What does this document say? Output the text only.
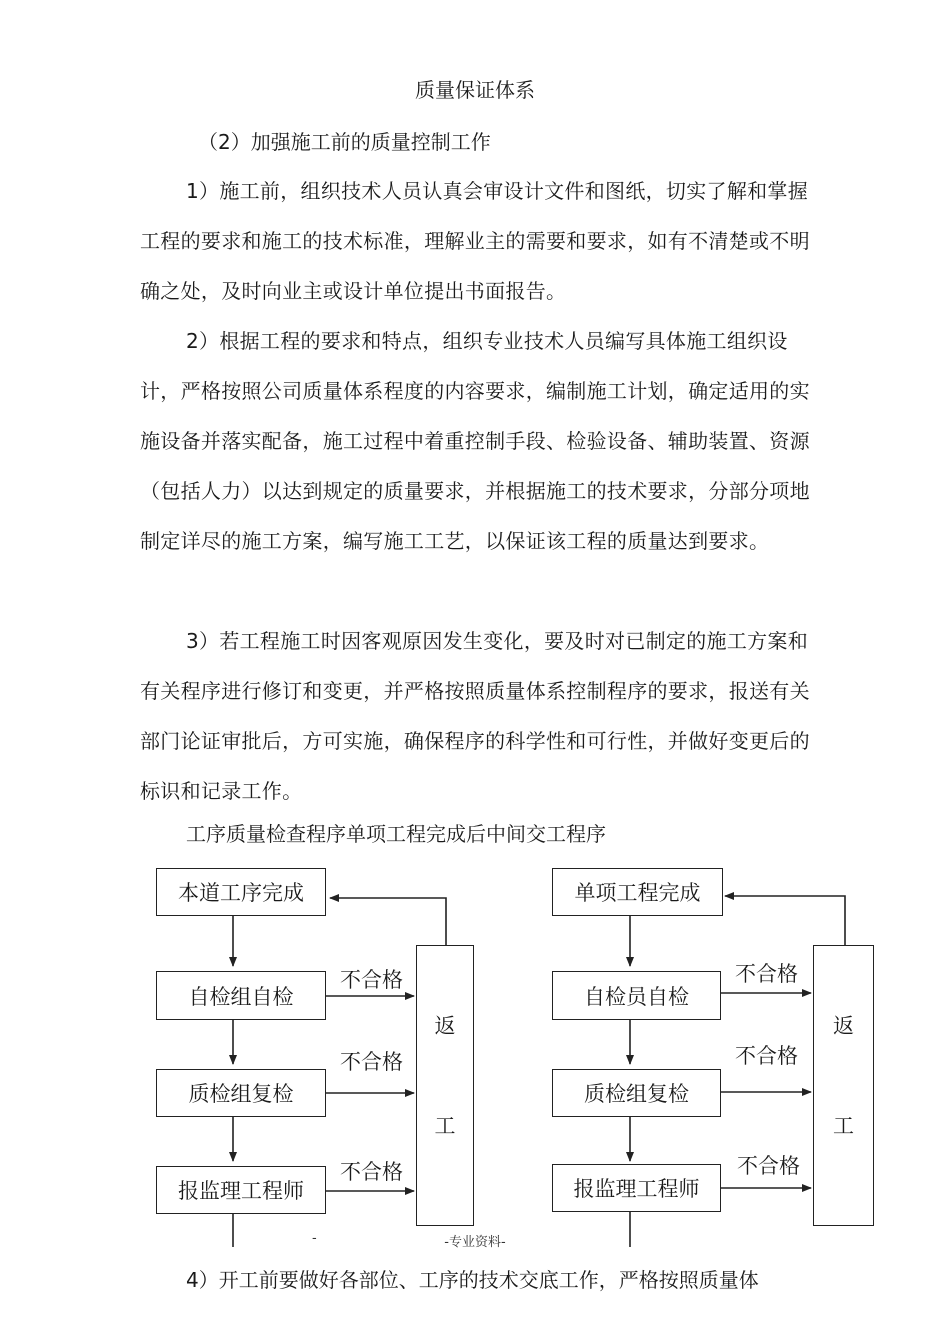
质量保证体系
（2）加强施工前的质量控制工作

1）施工前，组织技术人员认真会审设计文件和图纸，切实了解和掌握工程的要求和施工的技术标准，理解业主的需要和要求，如有不清楚或不明确之处，及时向业主或设计单位提出书面报告。

2）根据工程的要求和特点，组织专业技术人员编写具体施工组织设计，严格按照公司质量体系程度的内容要求，编制施工计划，确定适用的实施设备并落实配备，施工过程中着重控制手段、检验设备、辅助装置、资源（包括人力）以达到规定的质量要求，并根据施工的技术要求，分部分项地制定详尽的施工方案，编写施工工艺，以保证该工程的质量达到要求。

3）若工程施工时因客观原因发生变化，要及时对已制定的施工方案和有关程序进行修订和变更，并严格按照质量体系控制程序的要求，报送有关部门论证审批后，方可实施，确保程序的科学性和可行性，并做好变更后的标识和记录工作。

工序质量检查程序单项工程完成后中间交工程序
本道工序完成
自检组自检
质检组复检
报监理工程师
不合格
不合格
不合格
返
工
单项工程完成
自检员自检
质检组复检
报监理工程师
不合格
不合格
不合格
返
工
-	-专业资料-

4）开工前要做好各部位、工序的技术交底工作，严格按照质量体
